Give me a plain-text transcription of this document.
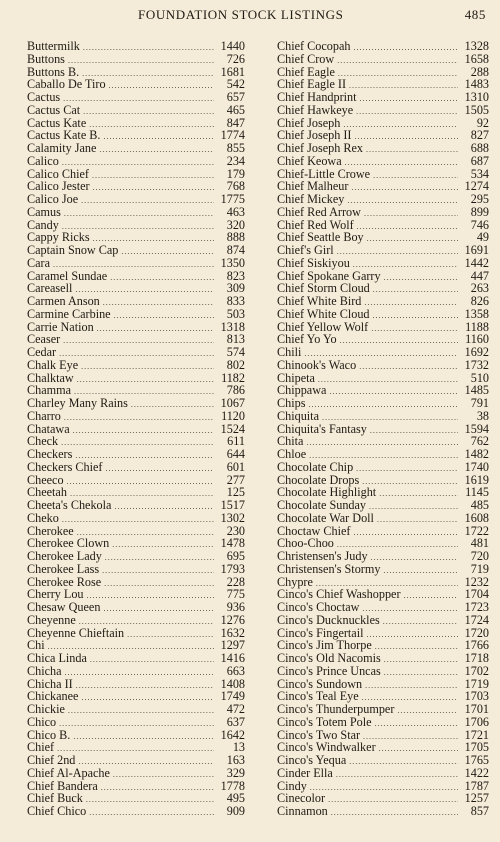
FOUNDATION STOCK LISTINGS	485
Buttermilk .....	1440
Buttons .....	726
Buttons B. .....	1681
Caballo De Tiro .....	542
Cactus .....	657
Cactus Cat .....	465
Cactus Kate .....	847
Cactus Kate B. .....	1774
Calamity Jane .....	855
Calico .....	234
Calico Chief .....	179
Calico Jester .....	768
Calico Joe .....	1775
Camus .....	463
Candy .....	320
Cappy Ricks .....	888
Captain Snow Cap .....	874
Cara .....	1350
Caramel Sundae .....	823
Careasell .....	309
Carmen Anson .....	833
Carmine Carbine .....	503
Carrie Nation .....	1318
Ceaser .....	813
Cedar .....	574
Chalk Eye .....	802
Chalktaw .....	1182
Chamma .....	786
Charley Many Rains .....	1067
Charro .....	1120
Chatawa .....	1524
Check .....	611
Checkers .....	644
Checkers Chief .....	601
Cheeco .....	277
Cheetah .....	125
Cheeta's Chekola .....	1517
Cheko .....	1302
Cherokee .....	230
Cherokee Clown .....	1478
Cherokee Lady .....	695
Cherokee Lass .....	1793
Cherokee Rose .....	228
Cherry Lou .....	775
Chesaw Queen .....	936
Cheyenne .....	1276
Cheyenne Chieftain .....	1632
Chi .....	1297
Chica Linda .....	1416
Chicha .....	663
Chicha II .....	1408
Chickanee .....	1749
Chickie .....	472
Chico .....	637
Chico B. .....	1642
Chief .....	13
Chief 2nd .....	163
Chief Al-Apache .....	329
Chief Bandera .....	1778
Chief Buck .....	495
Chief Chico .....	909
Chief Cocopah .....	1328
Chief Crow .....	1658
Chief Eagle .....	288
Chief Eagle II .....	1483
Chief Handprint .....	1310
Chief Hawkeye .....	1505
Chief Joseph .....	92
Chief Joseph II .....	827
Chief Joseph Rex .....	688
Chief Keowa .....	687
Chief-Little Crowe .....	534
Chief Malheur .....	1274
Chief Mickey .....	295
Chief Red Arrow .....	899
Chief Red Wolf .....	746
Chief Seattle Boy .....	49
Chief's Girl .....	1691
Chief Siskiyou .....	1442
Chief Spokane Garry .....	447
Chief Storm Cloud .....	263
Chief White Bird .....	826
Chief White Cloud .....	1358
Chief Yellow Wolf .....	1188
Chief Yo Yo .....	1160
Chili .....	1692
Chinook's Waco .....	1732
Chipeta .....	510
Chippawa .....	1485
Chips .....	791
Chiquita .....	38
Chiquita's Fantasy .....	1594
Chita .....	762
Chloe .....	1482
Chocolate Chip .....	1740
Chocolate Drops .....	1619
Chocolate Highlight .....	1145
Chocolate Sunday .....	485
Chocolate War Doll .....	1608
Choctaw Chief .....	1722
Choo-Choo .....	481
Christensen's Judy .....	720
Christensen's Stormy .....	719
Chypre .....	1232
Cinco's Chief Washopper .....	1704
Cinco's Choctaw .....	1723
Cinco's Ducknuckles .....	1724
Cinco's Fingertail .....	1720
Cinco's Jim Thorpe .....	1766
Cinco's Old Nacomis .....	1718
Cinco's Prince Uncas .....	1702
Cinco's Sundown .....	1719
Cinco's Teal Eye .....	1703
Cinco's Thunderpumper .....	1701
Cinco's Totem Pole .....	1706
Cinco's Two Star .....	1721
Cinco's Windwalker .....	1705
Cinco's Yequa .....	1765
Cinder Ella .....	1422
Cindy .....	1787
Cinecolor .....	1257
Cinnamon .....	857
